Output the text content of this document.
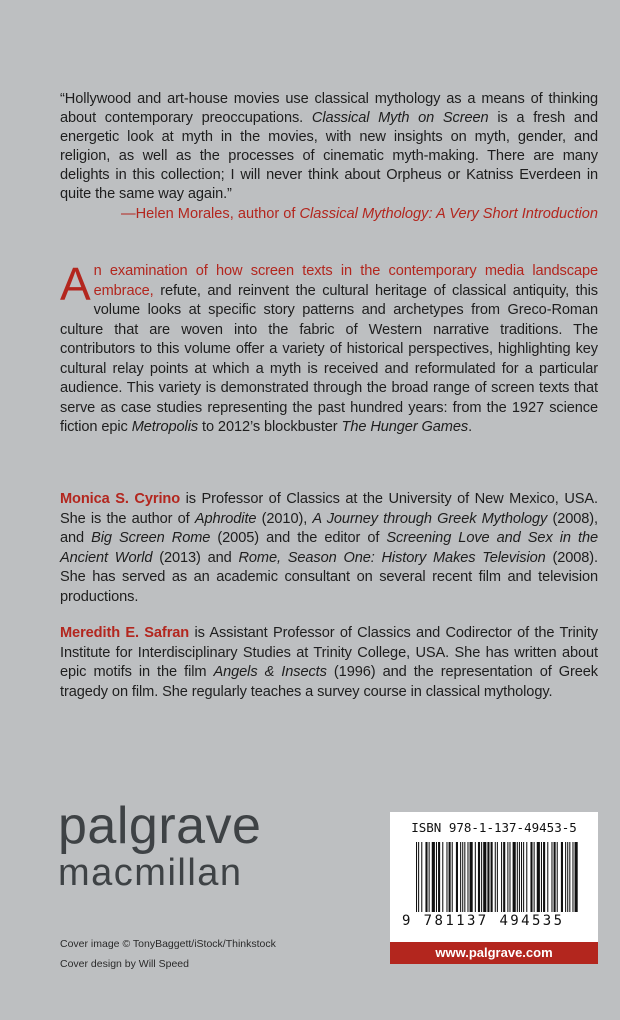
“Hollywood and art-house movies use classical mythology as a means of thinking about contemporary preoccupations. Classical Myth on Screen is a fresh and energetic look at myth in the movies, with new insights on myth, gender, and religion, as well as the processes of cinematic myth-making. There are many delights in this collection; I will never think about Orpheus or Katniss Everdeen in quite the same way again.”
—Helen Morales, author of Classical Mythology: A Very Short Introduction
An examination of how screen texts in the contemporary media landscape embrace, refute, and reinvent the cultural heritage of classical antiquity, this volume looks at specific story patterns and archetypes from Greco-Roman culture that are woven into the fabric of Western narrative traditions. The contributors to this volume offer a variety of historical perspectives, highlighting key cultural relay points at which a myth is received and reformulated for a particular audience. This variety is demonstrated through the broad range of screen texts that serve as case studies representing the past hundred years: from the 1927 science fiction epic Metropolis to 2012’s blockbuster The Hunger Games.
Monica S. Cyrino is Professor of Classics at the University of New Mexico, USA. She is the author of Aphrodite (2010), A Journey through Greek Mythology (2008), and Big Screen Rome (2005) and the editor of Screening Love and Sex in the Ancient World (2013) and Rome, Season One: History Makes Television (2008). She has served as an academic consultant on several recent film and television productions.
Meredith E. Safran is Assistant Professor of Classics and Codirector of the Trinity Institute for Interdisciplinary Studies at Trinity College, USA. She has written about epic motifs in the film Angels & Insects (1996) and the representation of Greek tragedy on film. She regularly teaches a survey course in classical mythology.
palgrave
macmillan
Cover image © TonyBaggett/iStock/Thinkstock
Cover design by Will Speed
ISBN 978-1-137-49453-5
9 781137 494535
www.palgrave.com
